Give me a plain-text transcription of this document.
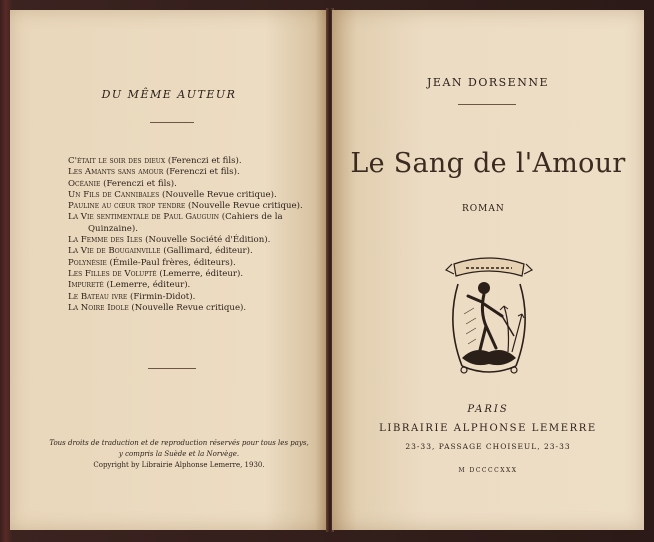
DU MÊME AUTEUR
C'était le soir des dieux (Ferenczi et fils).
Les Amants sans amour (Ferenczi et fils).
Océanie (Ferenczi et fils).
Un Fils de Cannibales (Nouvelle Revue critique).
Pauline au cœur trop tendre (Nouvelle Revue critique).
La Vie sentimentale de Paul Gauguin (Cahiers de la
Quinzaine).
La Femme des Iles (Nouvelle Société d'Édition).
La Vie de Bougainville (Gallimard, éditeur).
Polynésie (Émile-Paul frères, éditeurs).
Les Filles de Volupté (Lemerre, éditeur).
Impureté (Lemerre, éditeur).
Le Bateau ivre (Firmin-Didot).
La Noire Idole (Nouvelle Revue critique).
Tous droits de traduction et de reproduction réservés pour tous les pays,
y compris la Suède et la Norvège.
Copyright by Librairie Alphonse Lemerre, 1930.
JEAN DORSENNE
Le Sang de l'Amour
ROMAN
PARIS
LIBRAIRIE ALPHONSE LEMERRE
23-33, PASSAGE CHOISEUL, 23-33
M DCCCCXXX
